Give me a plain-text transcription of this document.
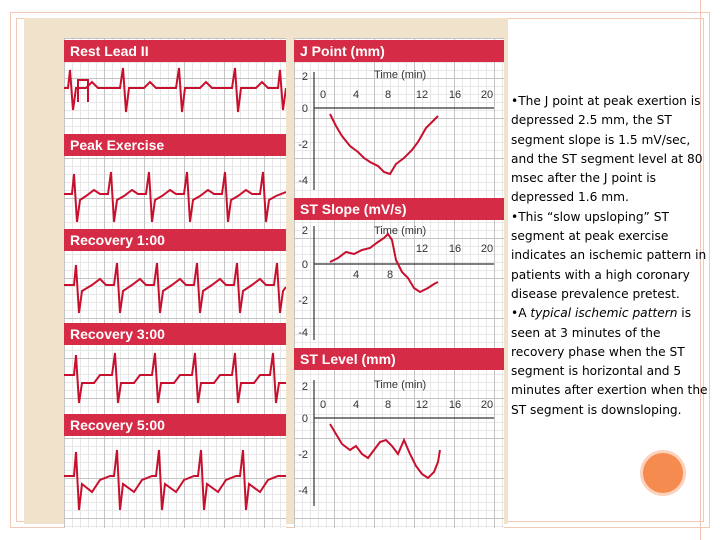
Rest Lead II
Peak Exercise
Recovery 1:00
Recovery 3:00
Recovery 5:00
J Point (mm)
ST Slope (mV/s)
ST Level (mm)
Time (min)
0 4 8 12 16 20
2
0
-2
-4
Time (min)
12 16 20
4	8
2
0
-2
-4
Time (min)
0 4 8 12 16 20
2
0
-2
-4

•The J point at peak exertion is depressed 2.5 mm, the ST segment slope is 1.5 mV/sec, and the ST segment level at 80 msec after the J point is depressed 1.6 mm.

•This “slow upsloping” ST segment at peak exercise indicates an ischemic pattern in patients with a high coronary disease prevalence pretest.

•A typical ischemic pattern is seen at 3 minutes of the recovery phase when the ST segment is horizontal and 5 minutes after exertion when the ST segment is downsloping.
